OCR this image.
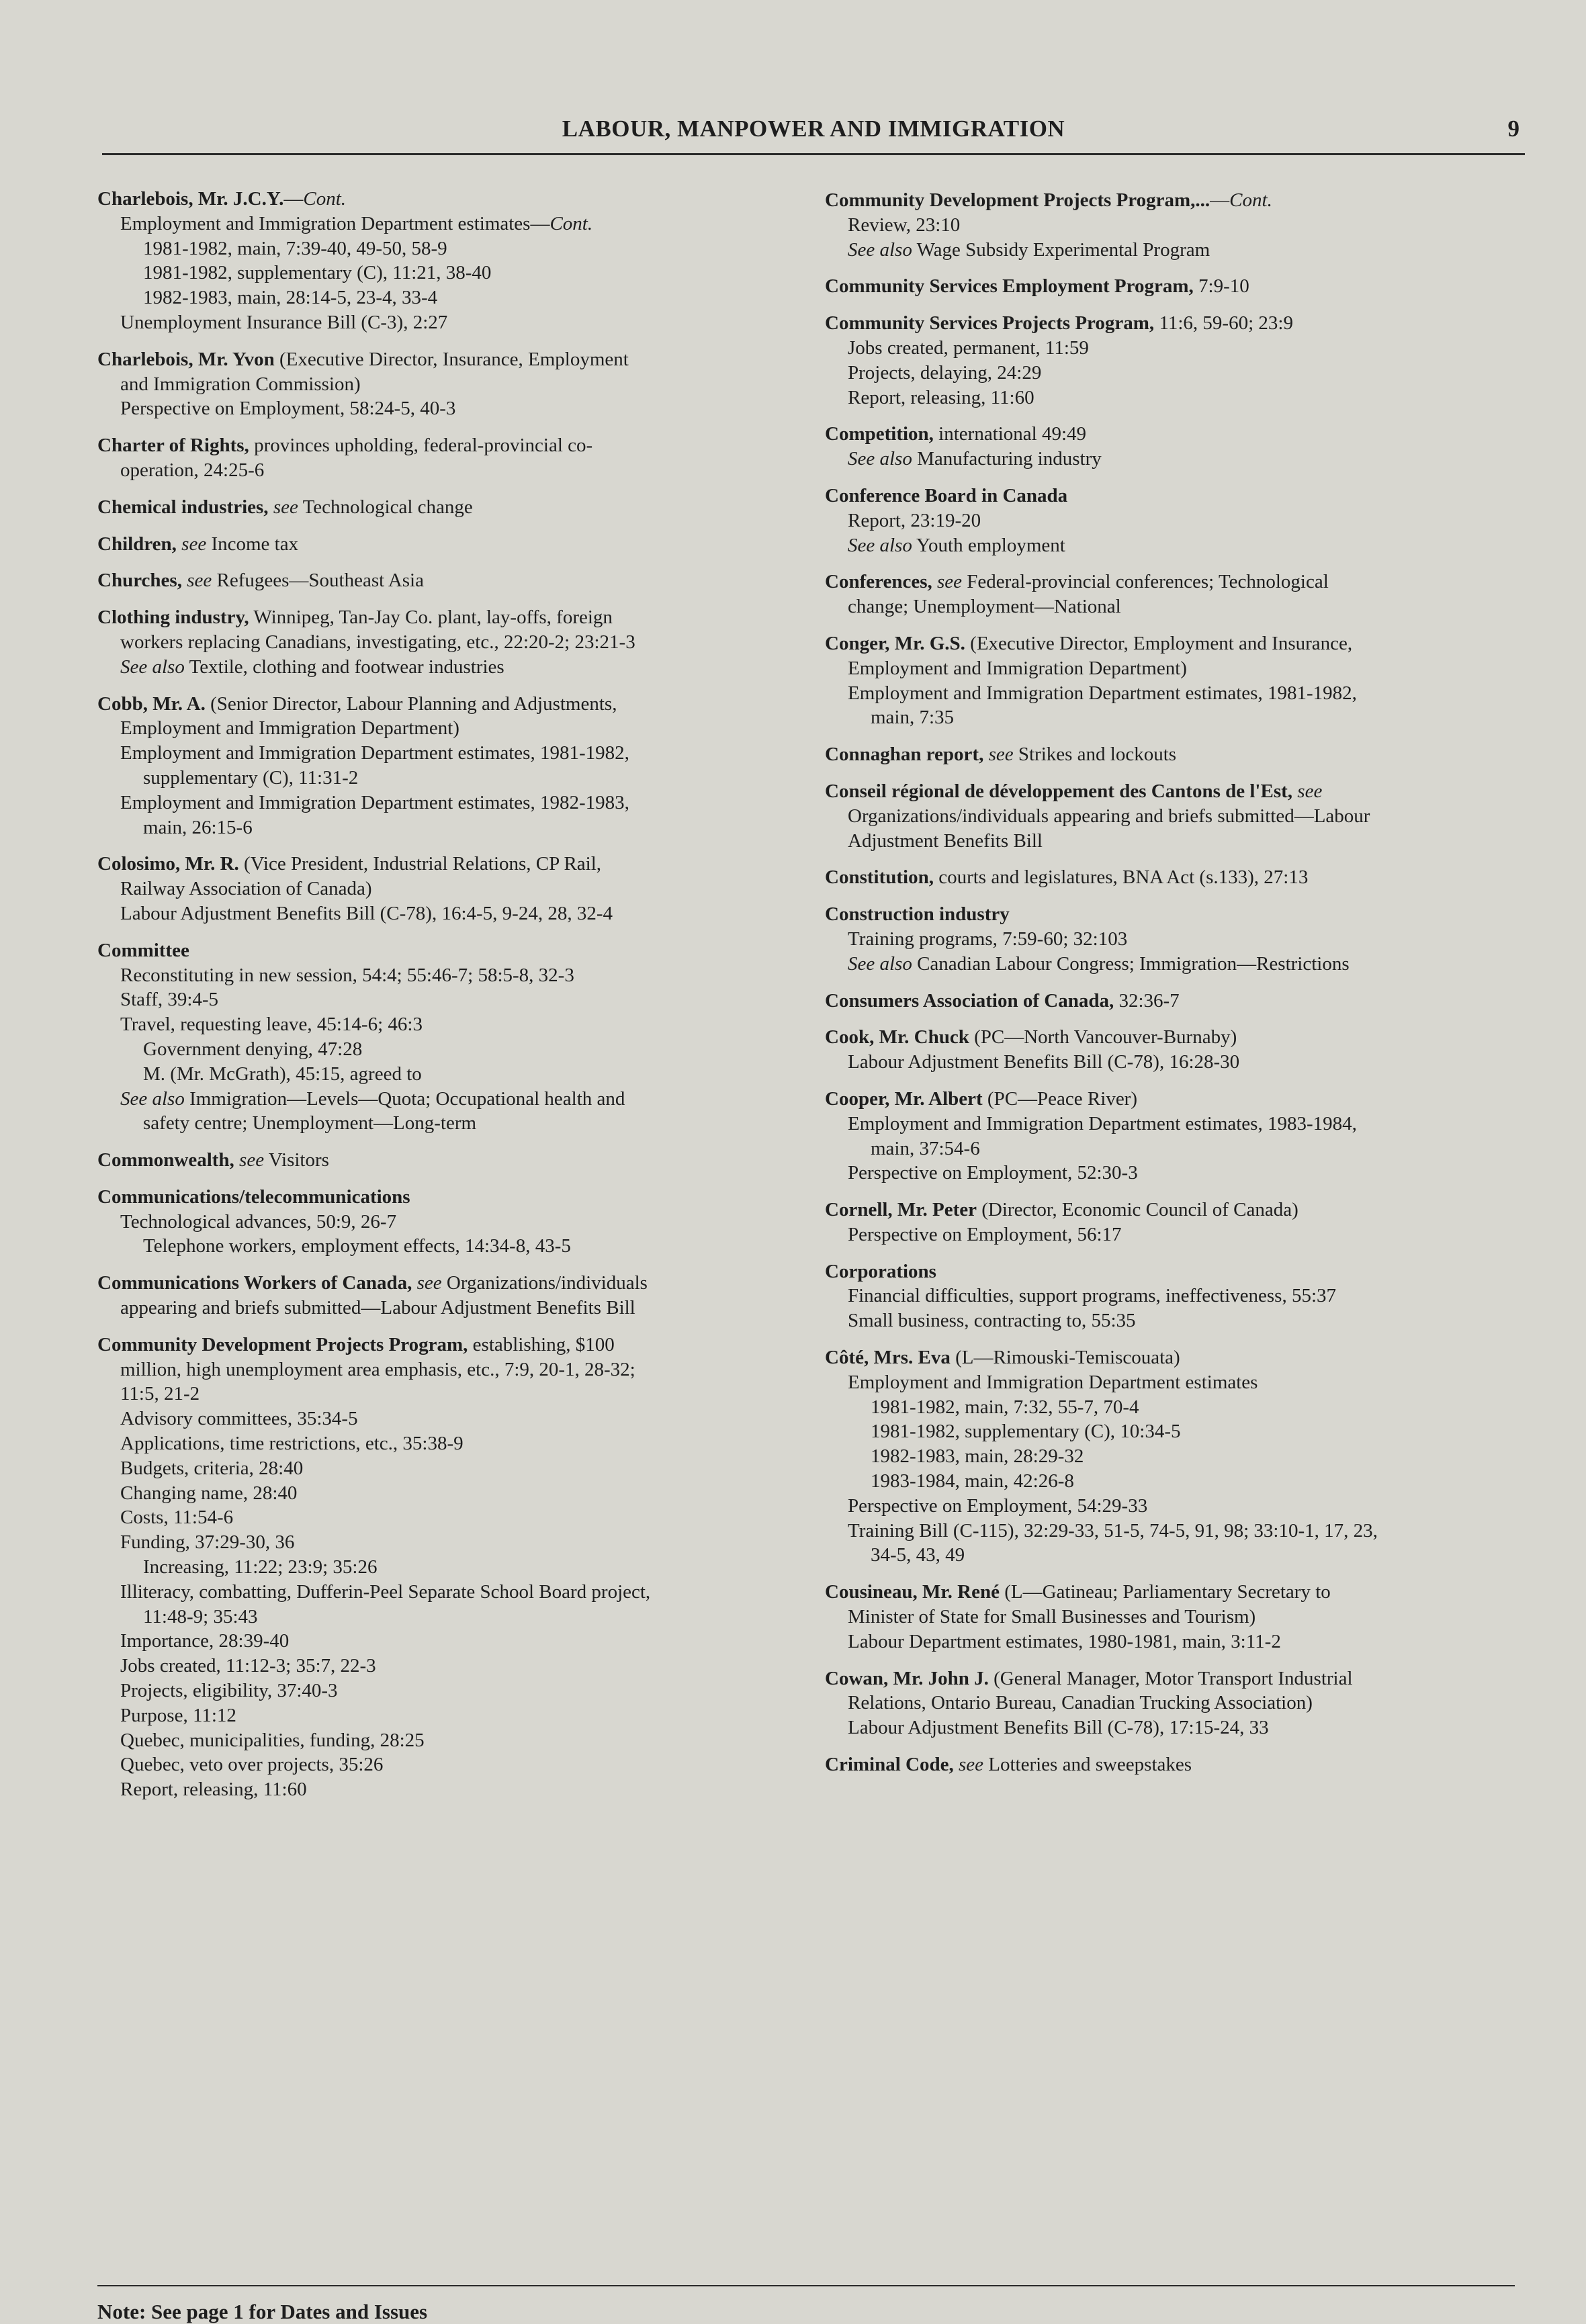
LABOUR, MANPOWER AND IMMIGRATION	9
Charlebois, Mr. J.C.Y.—Cont.
Employment and Immigration Department estimates—Cont.
1981-1982, main, 7:39-40, 49-50, 58-9
1981-1982, supplementary (C), 11:21, 38-40
1982-1983, main, 28:14-5, 23-4, 33-4
Unemployment Insurance Bill (C-3), 2:27
Charlebois, Mr. Yvon (Executive Director, Insurance, Employment
and Immigration Commission)
Perspective on Employment, 58:24-5, 40-3
Charter of Rights, provinces upholding, federal-provincial co-
operation, 24:25-6
Chemical industries, see Technological change
Children, see Income tax
Churches, see Refugees—Southeast Asia
Clothing industry, Winnipeg, Tan-Jay Co. plant, lay-offs, foreign
workers replacing Canadians, investigating, etc., 22:20-2; 23:21-3
See also Textile, clothing and footwear industries
Cobb, Mr. A. (Senior Director, Labour Planning and Adjustments,
Employment and Immigration Department)
Employment and Immigration Department estimates, 1981-1982,
supplementary (C), 11:31-2
Employment and Immigration Department estimates, 1982-1983,
main, 26:15-6
Colosimo, Mr. R. (Vice President, Industrial Relations, CP Rail,
Railway Association of Canada)
Labour Adjustment Benefits Bill (C-78), 16:4-5, 9-24, 28, 32-4
Committee
Reconstituting in new session, 54:4; 55:46-7; 58:5-8, 32-3
Staff, 39:4-5
Travel, requesting leave, 45:14-6; 46:3
Government denying, 47:28
M. (Mr. McGrath), 45:15, agreed to
See also Immigration—Levels—Quota; Occupational health and
safety centre; Unemployment—Long-term
Commonwealth, see Visitors
Communications/telecommunications
Technological advances, 50:9, 26-7
Telephone workers, employment effects, 14:34-8, 43-5
Communications Workers of Canada, see Organizations/individuals
appearing and briefs submitted—Labour Adjustment Benefits Bill
Community Development Projects Program, establishing, $100
million, high unemployment area emphasis, etc., 7:9, 20-1, 28-32;
11:5, 21-2
Advisory committees, 35:34-5
Applications, time restrictions, etc., 35:38-9
Budgets, criteria, 28:40
Changing name, 28:40
Costs, 11:54-6
Funding, 37:29-30, 36
Increasing, 11:22; 23:9; 35:26
Illiteracy, combatting, Dufferin-Peel Separate School Board project,
11:48-9; 35:43
Importance, 28:39-40
Jobs created, 11:12-3; 35:7, 22-3
Projects, eligibility, 37:40-3
Purpose, 11:12
Quebec, municipalities, funding, 28:25
Quebec, veto over projects, 35:26
Report, releasing, 11:60
Community Development Projects Program,...—Cont.
Review, 23:10
See also Wage Subsidy Experimental Program
Community Services Employment Program, 7:9-10
Community Services Projects Program, 11:6, 59-60; 23:9
Jobs created, permanent, 11:59
Projects, delaying, 24:29
Report, releasing, 11:60
Competition, international 49:49
See also Manufacturing industry
Conference Board in Canada
Report, 23:19-20
See also Youth employment
Conferences, see Federal-provincial conferences; Technological
change; Unemployment—National
Conger, Mr. G.S. (Executive Director, Employment and Insurance,
Employment and Immigration Department)
Employment and Immigration Department estimates, 1981-1982,
main, 7:35
Connaghan report, see Strikes and lockouts
Conseil régional de développement des Cantons de l'Est, see
Organizations/individuals appearing and briefs submitted—Labour
Adjustment Benefits Bill
Constitution, courts and legislatures, BNA Act (s.133), 27:13
Construction industry
Training programs, 7:59-60; 32:103
See also Canadian Labour Congress; Immigration—Restrictions
Consumers Association of Canada, 32:36-7
Cook, Mr. Chuck (PC—North Vancouver-Burnaby)
Labour Adjustment Benefits Bill (C-78), 16:28-30
Cooper, Mr. Albert (PC—Peace River)
Employment and Immigration Department estimates, 1983-1984,
main, 37:54-6
Perspective on Employment, 52:30-3
Cornell, Mr. Peter (Director, Economic Council of Canada)
Perspective on Employment, 56:17
Corporations
Financial difficulties, support programs, ineffectiveness, 55:37
Small business, contracting to, 55:35
Côté, Mrs. Eva (L—Rimouski-Temiscouata)
Employment and Immigration Department estimates
1981-1982, main, 7:32, 55-7, 70-4
1981-1982, supplementary (C), 10:34-5
1982-1983, main, 28:29-32
1983-1984, main, 42:26-8
Perspective on Employment, 54:29-33
Training Bill (C-115), 32:29-33, 51-5, 74-5, 91, 98; 33:10-1, 17, 23,
34-5, 43, 49
Cousineau, Mr. René (L—Gatineau; Parliamentary Secretary to
Minister of State for Small Businesses and Tourism)
Labour Department estimates, 1980-1981, main, 3:11-2
Cowan, Mr. John J. (General Manager, Motor Transport Industrial
Relations, Ontario Bureau, Canadian Trucking Association)
Labour Adjustment Benefits Bill (C-78), 17:15-24, 33
Criminal Code, see Lotteries and sweepstakes
Note: See page 1 for Dates and Issues
